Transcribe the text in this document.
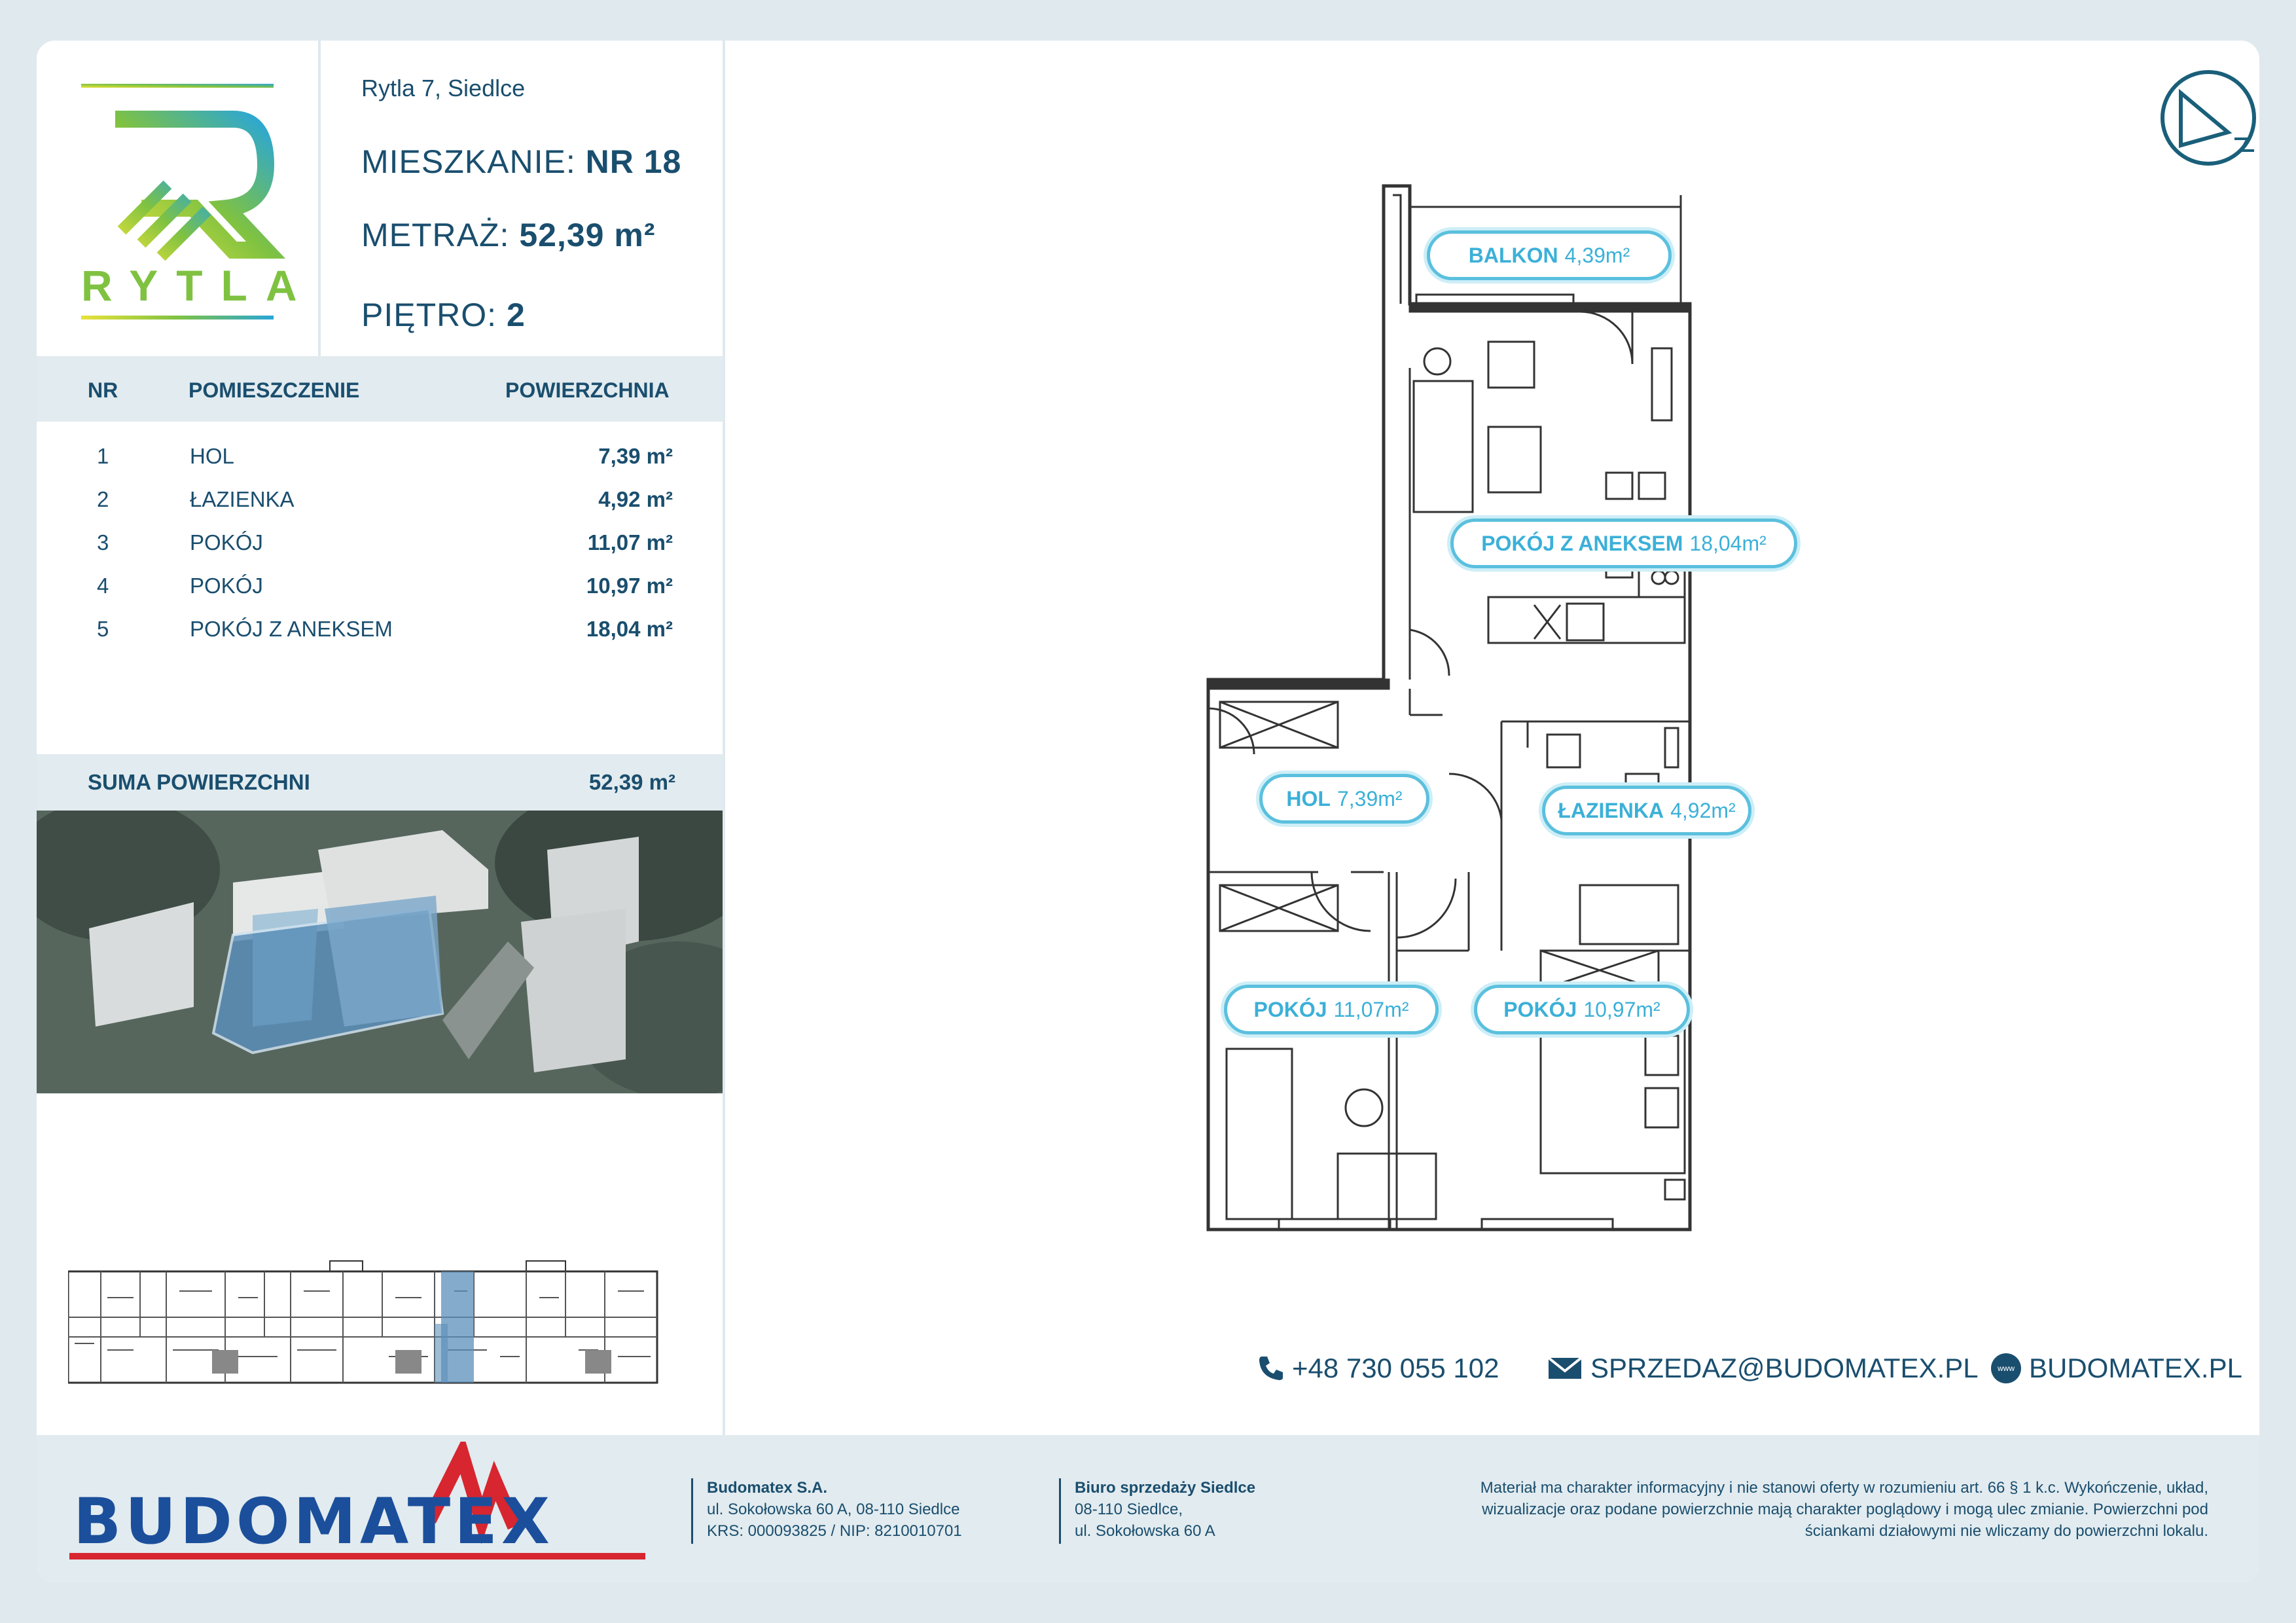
RYTLA
Rytla 7, Siedlce
MIESZKANIE: NR 18
METRAŻ: 52,39 m²
PIĘTRO: 2
NR	POMIESZCZENIE	POWIERZCHNIA
1	HOL	7,39 m²
2	ŁAZIENKA	4,92 m²
3	POKÓJ	11,07 m²
4	POKÓJ	10,97 m²
5	POKÓJ Z ANEKSEM	18,04 m²
SUMA POWIERZCHNI	52,39 m²
BALKON 4,39m²
POKÓJ Z ANEKSEM 18,04m²
HOL 7,39m²	ŁAZIENKA 4,92m²
POKÓJ 11,07m²	POKÓJ 10,97m²
+48 730 055 102	SPRZEDAZ@BUDOMATEX.PL	www BUDOMATEX.PL
BUDOMATEX	Budomatex S.A.
ul. Sokołowska 60 A, 08-110 Siedlce
KRS: 000093825 / NIP: 8210010701
Biuro sprzedaży Siedlce
08-110 Siedlce,
ul. Sokołowska 60 A
Materiał ma charakter informacyjny i nie stanowi oferty w rozumieniu art. 66 § 1 k.c. Wykończenie, układ,
wizualizacje oraz podane powierzchnie mają charakter poglądowy i mogą ulec zmianie. Powierzchni pod
ściankami działowymi nie wliczamy do powierzchni lokalu.
